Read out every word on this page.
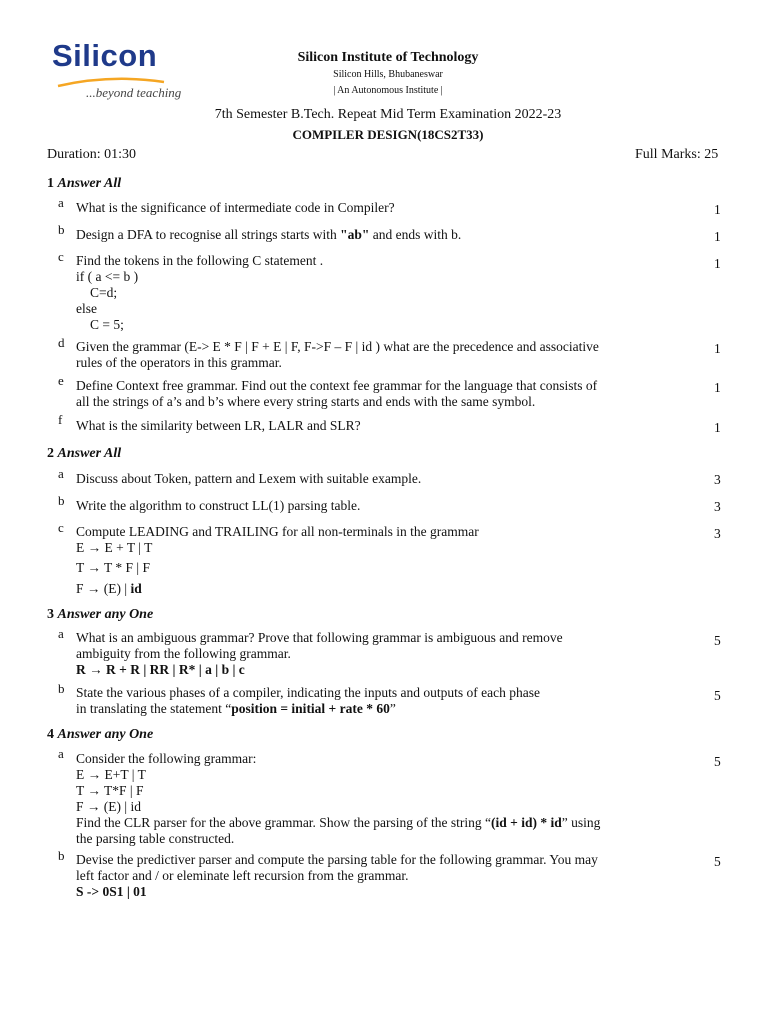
Silicon
...beyond teaching
Silicon Institute of Technology
Silicon Hills, Bhubaneswar
| An Autonomous Institute |
7th Semester B.Tech. Repeat Mid Term Examination 2022-23
COMPILER DESIGN(18CS2T33)
Duration: 01:30	Full Marks: 25
1 Answer All
a What is the significance of intermediate code in Compiler?	1
b Design a DFA to recognise all strings starts with "ab" and ends with b.	1
c Find the tokens in the following C statement .
if ( a <= b )
C=d;
else
C = 5;
1
d Given the grammar (E-> E * F | F + E | F, F->F – F | id ) what are the precedence and associative
rules of the operators in this grammar.
1
e Define Context free grammar. Find out the context fee grammar for the language that consists of
all the strings of a’s and b’s where every string starts and ends with the same symbol.
1
f What is the similarity between LR, LALR and SLR?	1
2 Answer All
a Discuss about Token, pattern and Lexem with suitable example.	3
b Write the algorithm to construct LL(1) parsing table.	3
c Compute LEADING and TRAILING for all non-terminals in the grammar
E → E + T | T
T → T * F | F
F → (E) | id
3
3 Answer any One
a What is an ambiguous grammar? Prove that following grammar is ambiguous and remove
ambiguity from the following grammar.
R → R + R | RR | R* | a | b | c
5
b State the various phases of a compiler, indicating the inputs and outputs of each phase
in translating the statement “position = initial + rate * 60”
5
4 Answer any One
a Consider the following grammar:
E → E+T | T
T → T*F | F
F → (E) | id
Find the CLR parser for the above grammar. Show the parsing of the string “(id + id) * id” using
the parsing table constructed.
5
b Devise the predictiver parser and compute the parsing table for the following grammar. You may
left factor and / or eleminate left recursion from the grammar.
S -> 0S1 | 01
5
